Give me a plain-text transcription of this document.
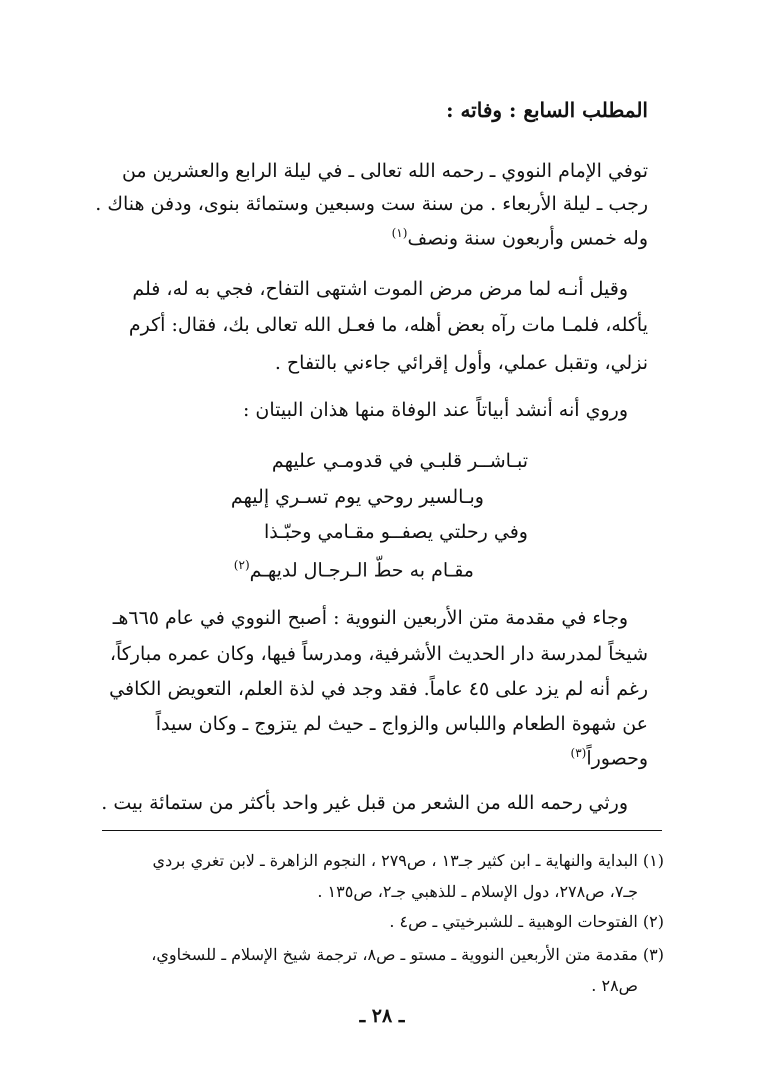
المطلب السابع : وفاته :
توفي الإمام النووي ـ رحمه الله تعالى ـ في ليلة الرابع والعشرين من
رجب ـ ليلة الأربعاء . من سنة ست وسبعين وستمائة بنوى، ودفن هناك .
وله خمس وأربعون سنة ونصف$^{(١)}$
وقيل أنـه لما مرض مرض الموت اشتهى التفاح، فجي به له، فلم
يأكله، فلمـا مات رآه بعض أهله، ما فعـل الله تعالى بك، فقال: أكرم
نزلي، وتقبل عملي، وأول إقرائي جاءني بالتفاح .
وروي أنه أنشد أبياتاً عند الوفاة منها هذان البيتان :
تبـاشــر قلبـي في قدومـي عليهم
وبـالسير روحي يوم تسـري إليهم
وفي رحلتي يصفــو مقـامي وحبّـذا
مقـام به حطّ الـرجـال لديهـم$^{(٢)}$
وجاء في مقدمة متن الأربعين النووية : أصبح النووي في عام ٦٦٥هـ
شيخاً لمدرسة دار الحديث الأشرفية، ومدرساً فيها، وكان عمره مباركاً،
رغم أنه لم يزد على ٤٥ عاماً. فقد وجد في لذة العلم، التعويض الكافي
عن شهوة الطعام واللباس والزواج ـ حيث لم يتزوج ـ وكان سيداً
وحصوراً$^{(٣)}$
ورثي رحمه الله من الشعر من قبل غير واحد بأكثر من ستمائة بيت .
(١) البداية والنهاية ـ ابن كثير جـ١٣ ، ص٢٧٩ ، النجوم الزاهرة ـ لابن تغري بردي
جـ٧، ص٢٧٨، دول الإسلام ـ للذهبي جـ٢، ص١٣٥ .
(٢) الفتوحات الوهبية ـ للشبرخيتي ـ ص٤ .
(٣) مقدمة متن الأربعين النووية ـ مستو ـ ص٨، ترجمة شيخ الإسلام ـ للسخاوي،
ص٢٨ .
ـ ٢٨ ـ
